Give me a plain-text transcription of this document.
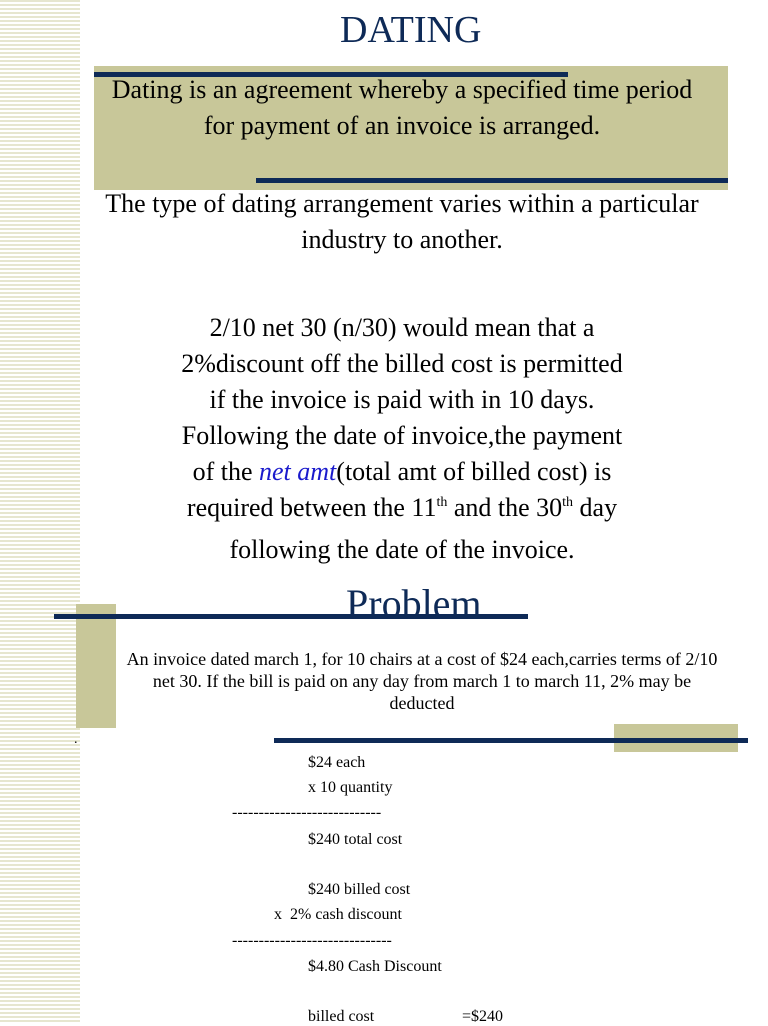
DATING
Dating is an agreement whereby a specified time period for payment of an invoice is arranged.
The type of dating arrangement varies within a particular industry to another.
2/10 net 30 (n/30) would mean that a
2%discount off the billed cost is permitted
if the invoice is paid with in 10 days.
Following the date of invoice,the payment
of the net amt(total amt of billed cost) is
required between the 11th and the 30th day
following the date of the invoice.
Problem
An invoice dated march 1, for 10 chairs at a cost of $24 each,carries terms of 2/10 net 30. If the bill is paid on any day from march 1 to march 11, 2% may be deducted
.
$24 each
x 10 quantity
----------------------------
$240 total cost
$240 billed cost
x  2% cash discount
------------------------------
$4.80 Cash Discount
billed cost	=$240
